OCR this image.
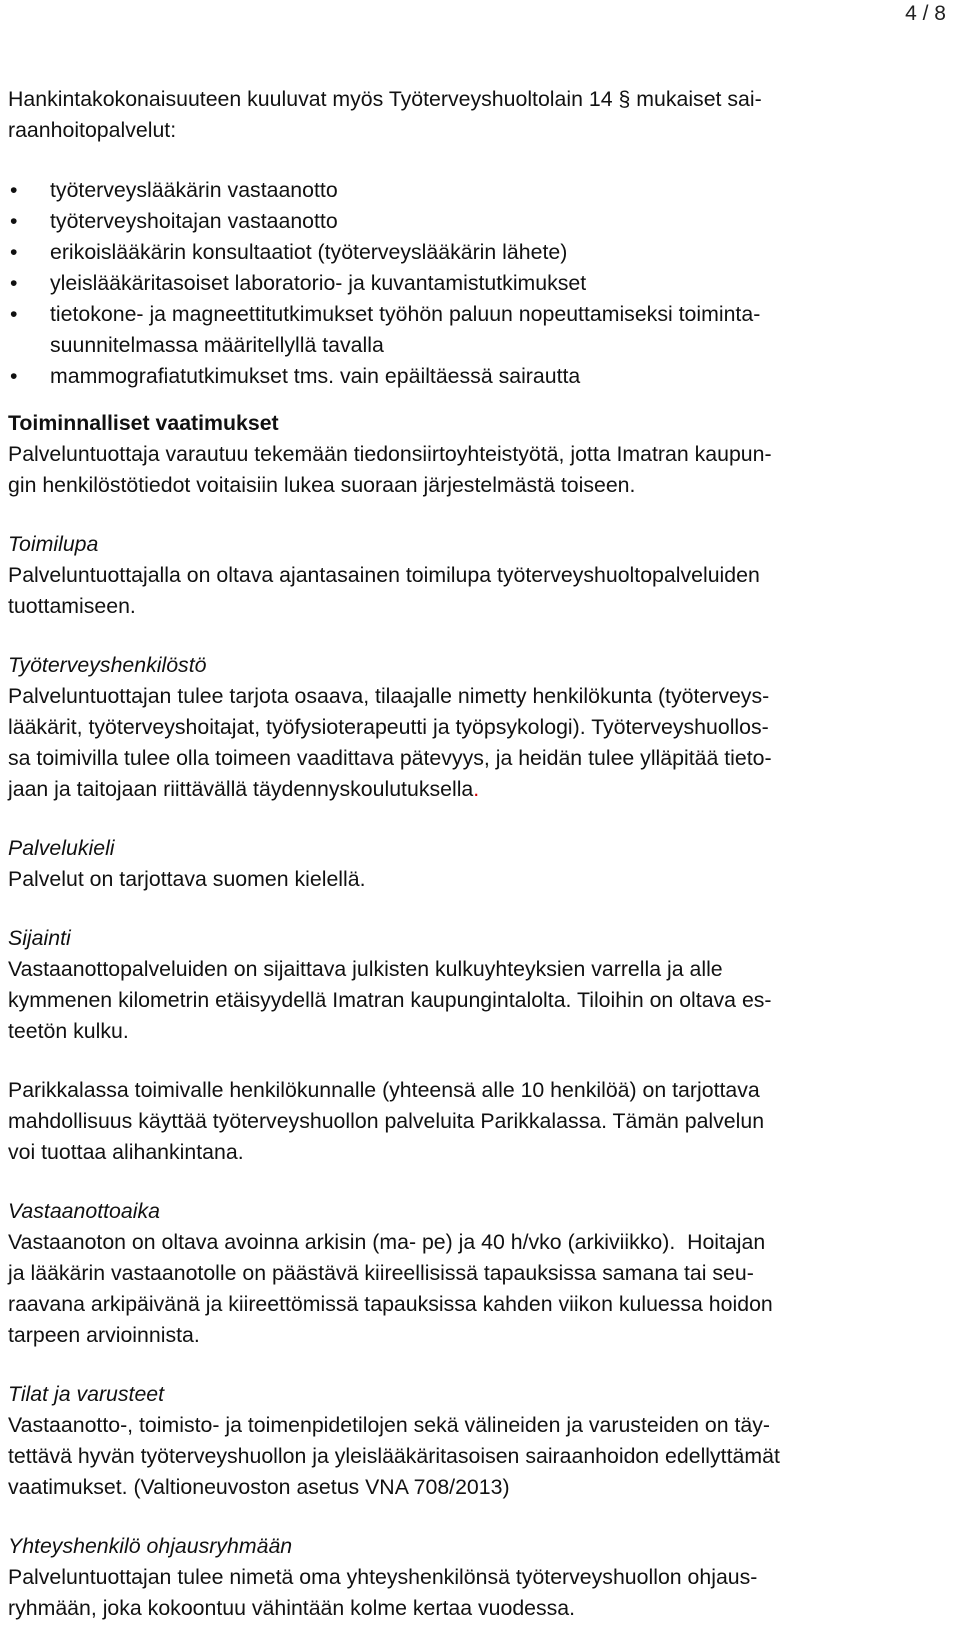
4 / 8

Hankintakokonaisuuteen kuuluvat myös Työterveyshuoltolain 14 § mukaiset sai-
raanhoitopalvelut:

• työterveyslääkärin vastaanotto
• työterveyshoitajan vastaanotto
• erikoislääkärin konsultaatiot (työterveyslääkärin lähete)
• yleislääkäritasoiset laboratorio- ja kuvantamistutkimukset
• tietokone- ja magneettitutkimukset työhön paluun nopeuttamiseksi toiminta-
suunnitelmassa määritellyllä tavalla
• mammografiatutkimukset tms. vain epäiltäessä sairautta

Toiminnalliset vaatimukset

Palveluntuottaja varautuu tekemään tiedonsiirtoyhteistyötä, jotta Imatran kaupun-
gin henkilöstötiedot voitaisiin lukea suoraan järjestelmästä toiseen.

Toimilupa

Palveluntuottajalla on oltava ajantasainen toimilupa työterveyshuoltopalveluiden
tuottamiseen.

Työterveyshenkilöstö

Palveluntuottajan tulee tarjota osaava, tilaajalle nimetty henkilökunta (työterveys-
lääkärit, työterveyshoitajat, työfysioterapeutti ja työpsykologi). Työterveyshuollos-
sa toimivilla tulee olla toimeen vaadittava pätevyys, ja heidän tulee ylläpitää tieto-
jaan ja taitojaan riittävällä täydennyskoulutuksella.

Palvelukieli

Palvelut on tarjottava suomen kielellä.

Sijainti

Vastaanottopalveluiden on sijaittava julkisten kulkuyhteyksien varrella ja alle
kymmenen kilometrin etäisyydellä Imatran kaupungintalolta. Tiloihin on oltava es-
teetön kulku.

Parikkalassa toimivalle henkilökunnalle (yhteensä alle 10 henkilöä) on tarjottava
mahdollisuus käyttää työterveyshuollon palveluita Parikkalassa. Tämän palvelun
voi tuottaa alihankintana.

Vastaanottoaika

Vastaanoton on oltava avoinna arkisin (ma- pe) ja 40 h/vko (arkiviikko).  Hoitajan
ja lääkärin vastaanotolle on päästävä kiireellisissä tapauksissa samana tai seu-
raavana arkipäivänä ja kiireettömissä tapauksissa kahden viikon kuluessa hoidon
tarpeen arvioinnista.

Tilat ja varusteet

Vastaanotto-, toimisto- ja toimenpidetilojen sekä välineiden ja varusteiden on täy-
tettävä hyvän työterveyshuollon ja yleislääkäritasoisen sairaanhoidon edellyttämät
vaatimukset. (Valtioneuvoston asetus VNA 708/2013)

Yhteyshenkilö ohjausryhmään

Palveluntuottajan tulee nimetä oma yhteyshenkilönsä työterveyshuollon ohjaus-
ryhmään, joka kokoontuu vähintään kolme kertaa vuodessa.
